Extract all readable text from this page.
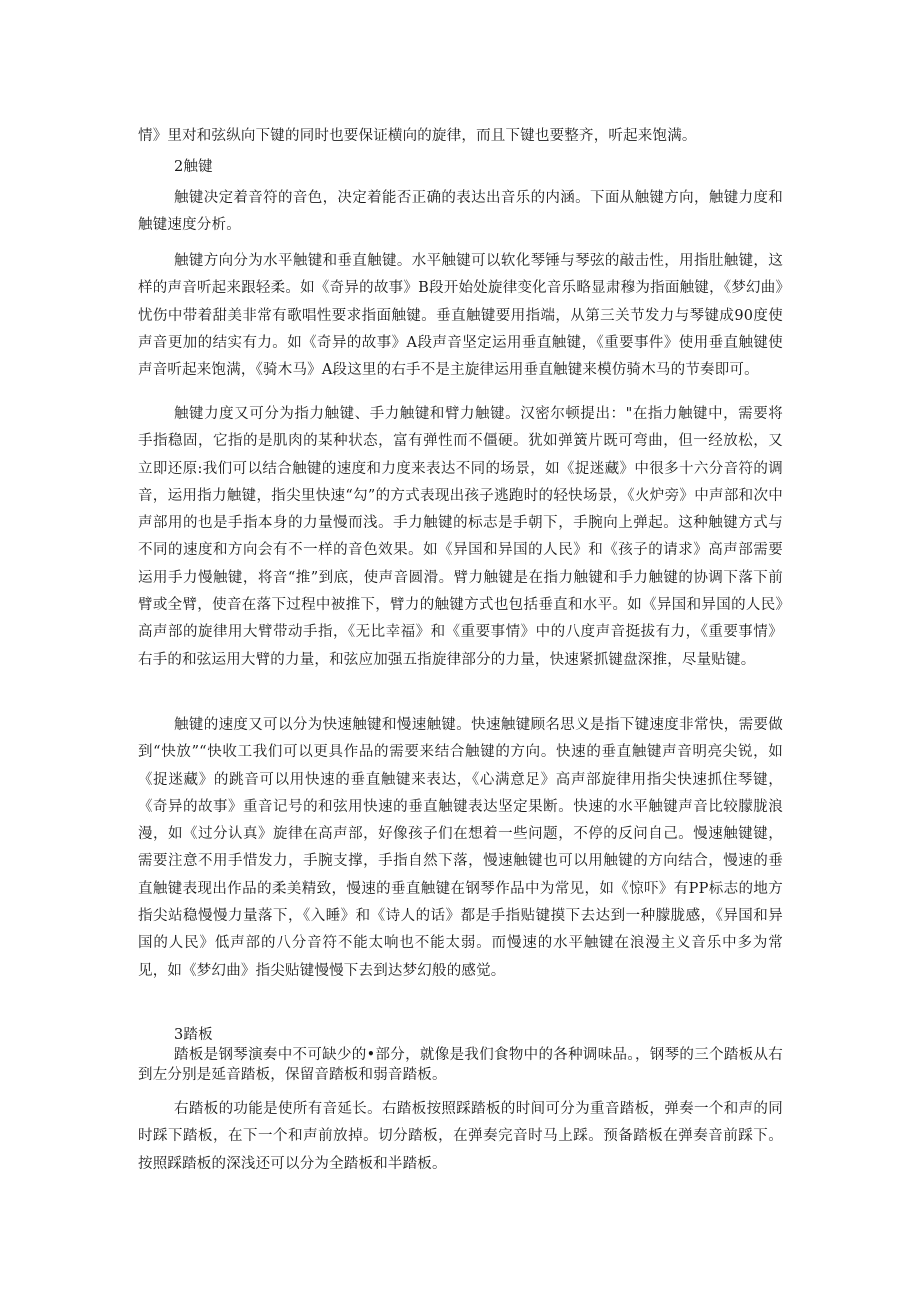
情》里对和弦纵向下键的同时也要保证横向的旋律，而且下键也要整齐，听起来饱满。

2触键

触键决定着音符的音色，决定着能否正确的表达出音乐的内涵。下面从触键方向，触键力度和触键速度分析。

触键方向分为水平触键和垂直触键。水平触键可以软化琴锤与琴弦的敲击性，用指肚触键，这样的声音听起来跟轻柔。如《奇异的故事》B段开始处旋律变化音乐略显肃穆为指面触键，《梦幻曲》忧伤中带着甜美非常有歌唱性要求指面触键。垂直触键要用指端，从第三关节发力与琴键成90度使声音更加的结实有力。如《奇异的故事》A段声音坚定运用垂直触键，《重要事件》使用垂直触键使声音听起来饱满，《骑木马》A段这里的右手不是主旋律运用垂直触键来模仿骑木马的节奏即可。

触键力度又可分为指力触键、手力触键和臂力触键。汉密尔顿提出："在指力触键中，需要将手指稳固，它指的是肌肉的某种状态，富有弹性而不僵硬。犹如弹簧片既可弯曲，但一经放松，又立即还原:我们可以结合触键的速度和力度来表达不同的场景，如《捉迷藏》中很多十六分音符的调音，运用指力触键，指尖里快速“勾”的方式表现出孩子逃跑时的轻快场景，《火炉旁》中声部和次中声部用的也是手指本身的力量慢而浅。手力触键的标志是手朝下，手腕向上弹起。这种触键方式与不同的速度和方向会有不一样的音色效果。如《异国和异国的人民》和《孩子的请求》高声部需要运用手力慢触键，将音“推”到底，使声音圆滑。臂力触键是在指力触键和手力触键的协调下落下前臂或全臂，使音在落下过程中被推下，臂力的触键方式也包括垂直和水平。如《异国和异国的人民》高声部的旋律用大臂带动手指，《无比幸福》和《重要事情》中的八度声音挺拔有力，《重要事情》右手的和弦运用大臂的力量，和弦应加强五指旋律部分的力量，快速紧抓键盘深推，尽量贴键。

触键的速度又可以分为快速触键和慢速触键。快速触键顾名思义是指下键速度非常快，需要做到“快放”“快收工我们可以更具作品的需要来结合触键的方向。快速的垂直触键声音明亮尖锐，如《捉迷藏》的跳音可以用快速的垂直触键来表达，《心满意足》高声部旋律用指尖快速抓住琴键，《奇异的故事》重音记号的和弦用快速的垂直触键表达坚定果断。快速的水平触键声音比较朦胧浪漫，如《过分认真》旋律在高声部，好像孩子们在想着一些问题，不停的反问自己。慢速触键键，需要注意不用手惜发力，手腕支撑，手指自然下落，慢速触键也可以用触键的方向结合，慢速的垂直触键表现出作品的柔美精致，慢速的垂直触键在钢琴作品中为常见，如《惊吓》有PP标志的地方指尖站稳慢慢力量落下，《入睡》和《诗人的话》都是手指贴键摸下去达到一种朦胧感，《异国和异国的人民》低声部的八分音符不能太响也不能太弱。而慢速的水平触键在浪漫主义音乐中多为常见，如《梦幻曲》指尖贴键慢慢下去到达梦幻般的感觉。

3踏板

踏板是钢琴演奏中不可缺少的•部分，就像是我们食物中的各种调味品。，钢琴的三个踏板从右到左分别是延音踏板，保留音踏板和弱音踏板。

右踏板的功能是使所有音延长。右踏板按照踩踏板的时间可分为重音踏板，弹奏一个和声的同时踩下踏板，在下一个和声前放掉。切分踏板，在弹奏完音时马上踩。预备踏板在弹奏音前踩下。按照踩踏板的深浅还可以分为全踏板和半踏板。
